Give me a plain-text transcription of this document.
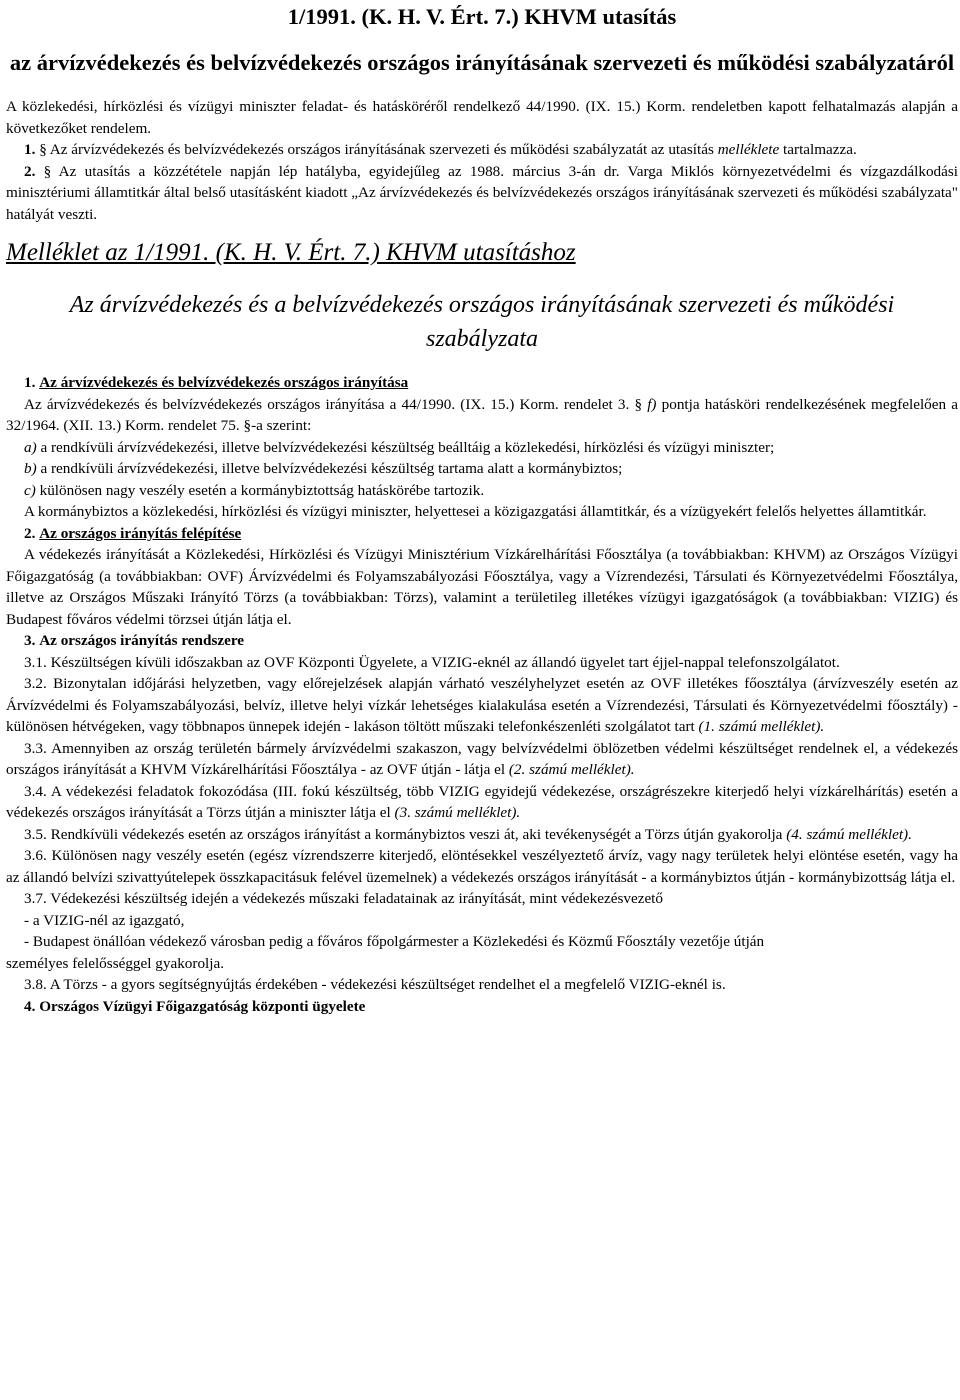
1/1991. (K. H. V. Ért. 7.) KHVM utasítás

az árvízvédekezés és belvízvédekezés országos irányításának szervezeti és működési szabályzatáról

A közlekedési, hírközlési és vízügyi miniszter feladat- és hatásköréről rendelkező 44/1990. (IX. 15.) Korm. rendeletben kapott felhatalmazás alapján a következőket rendelem.

1. § Az árvízvédekezés és belvízvédekezés országos irányításának szervezeti és működési szabályzatát az utasítás melléklete tartalmazza.

2. § Az utasítás a közzététele napján lép hatályba, egyidejűleg az 1988. március 3-án dr. Varga Miklós környezetvédelmi és vízgazdálkodási minisztériumi államtitkár által belső utasításként kiadott „Az árvízvédekezés és belvízvédekezés országos irányításának szervezeti és működési szabályzata" hatályát veszti.

Melléklet az 1/1991. (K. H. V. Ért. 7.) KHVM utasításhoz

Az árvízvédekezés és a belvízvédekezés országos irányításának szervezeti és működési szabályzata

1. Az árvízvédekezés és belvízvédekezés országos irányítása

Az árvízvédekezés és belvízvédekezés országos irányítása a 44/1990. (IX. 15.) Korm. rendelet 3. § f) pontja hatásköri rendelkezésének megfelelően a 32/1964. (XII. 13.) Korm. rendelet 75. §-a szerint:

a) a rendkívüli árvízvédekezési, illetve belvízvédekezési készültség beálltáig a közlekedési, hírközlési és vízügyi miniszter;

b) a rendkívüli árvízvédekezési, illetve belvízvédekezési készültség tartama alatt a kormánybiztos;

c) különösen nagy veszély esetén a kormánybiztottság hatáskörébe tartozik.

A kormánybiztos a közlekedési, hírközlési és vízügyi miniszter, helyettesei a közigazgatási államtitkár, és a vízügyekért felelős helyettes államtitkár.

2. Az országos irányítás felépítése

A védekezés irányítását a Közlekedési, Hírközlési és Vízügyi Minisztérium Vízkárelhárítási Főosztálya (a továbbiakban: KHVM) az Országos Vízügyi Főigazgatóság (a továbbiakban: OVF) Árvízvédelmi és Folyamszabályozási Főosztálya, vagy a Vízrendezési, Társulati és Környezetvédelmi Főosztálya, illetve az Országos Műszaki Irányító Törzs (a továbbiakban: Törzs), valamint a területileg illetékes vízügyi igazgatóságok (a továbbiakban: VIZIG) és Budapest főváros védelmi törzsei útján látja el.

3. Az országos irányítás rendszere

3.1. Készültségen kívüli időszakban az OVF Központi Ügyelete, a VIZIG-eknél az állandó ügyelet tart éjjel-nappal telefonszolgálatot.

3.2. Bizonytalan időjárási helyzetben, vagy előrejelzések alapján várható veszélyhelyzet esetén az OVF illetékes főosztálya (árvízveszély esetén az Árvízvédelmi és Folyamszabályozási, belvíz, illetve helyi vízkár lehetséges kialakulása esetén a Vízrendezési, Társulati és Környezetvédelmi főosztály) - különösen hétvégeken, vagy többnapos ünnepek idején - lakáson töltött műszaki telefonkészenléti szolgálatot tart (1. számú melléklet).

3.3. Amennyiben az ország területén bármely árvízvédelmi szakaszon, vagy belvízvédelmi öblözetben védelmi készültséget rendelnek el, a védekezés országos irányítását a KHVM Vízkárelhárítási Főosztálya - az OVF útján - látja el (2. számú melléklet).

3.4. A védekezési feladatok fokozódása (III. fokú készültség, több VIZIG egyidejű védekezése, országrészekre kiterjedő helyi vízkárelhárítás) esetén a védekezés országos irányítását a Törzs útján a miniszter látja el (3. számú melléklet).

3.5. Rendkívüli védekezés esetén az országos irányítást a kormánybiztos veszi át, aki tevékenységét a Törzs útján gyakorolja (4. számú melléklet).

3.6. Különösen nagy veszély esetén (egész vízrendszerre kiterjedő, elöntésekkel veszélyeztető árvíz, vagy nagy területek helyi elöntése esetén, vagy ha az állandó belvízi szivattyútelepek összkapacitásuk felével üzemelnek) a védekezés országos irányítását - a kormánybiztos útján - kormánybizottság látja el.

3.7. Védekezési készültség idején a védekezés műszaki feladatainak az irányítását, mint védekezésvezető

- a VIZIG-nél az igazgató,

- Budapest önállóan védekező városban pedig a főváros főpolgármester a Közlekedési és Közmű Főosztály vezetője útján

személyes felelősséggel gyakorolja.

3.8. A Törzs - a gyors segítségnyújtás érdekében - védekezési készültséget rendelhet el a megfelelő VIZIG-eknél is.

4. Országos Vízügyi Főigazgatóság központi ügyelete
